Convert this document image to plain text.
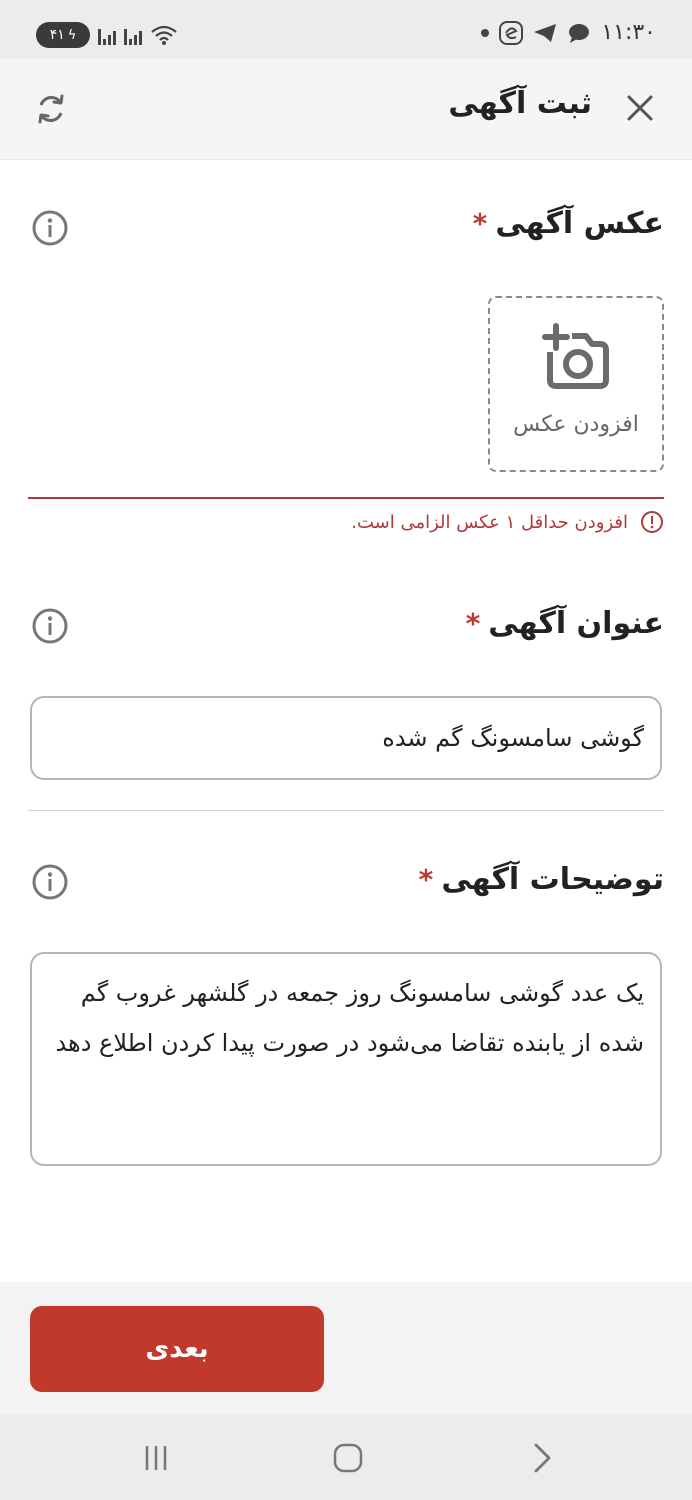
۴۱ ϟ	۱۱:۳۰
ثبت آگهی
عکس آگهی*
افزودن عکس
افزودن حداقل ۱ عکس الزامی است.
عنوان آگهی*
گوشی سامسونگ گم شده
توضیحات آگهی*
یک عدد گوشی سامسونگ روز جمعه در گلشهر غروب گم شده از یابنده تقاضا می‌شود در صورت پیدا کردن اطلاع دهد
بعدی
